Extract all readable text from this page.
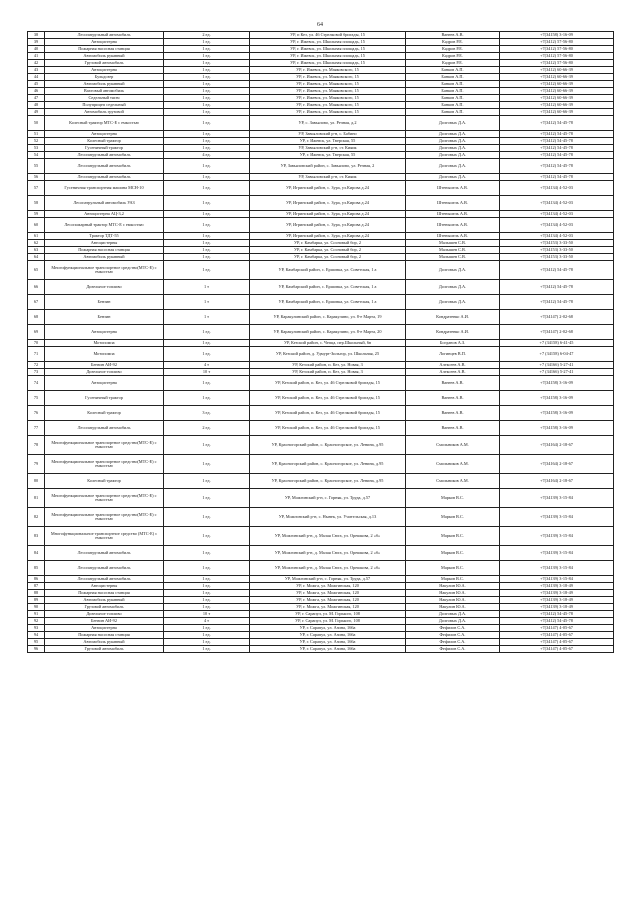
64
38	Лесопатрульный автомобиль	2 ед.	УР, п Кез, ул. 46 Стрелковой бригады, 15	Ванеев А.В.	+7(34158) 3-16-09
39	Автоцистерна	1 ед.	УР, г. Ижевск, ул. Школьная площадь, 15	Кадров Р.Е.	+7(3412) 57-56-80
40	Пожарная насосная станция	1 ед.	УР, г. Ижевск, ул. Школьная площадь, 15	Кадров Р.Е.	+7(3412) 57-56-80
41	Автомобиль рукавный	1 ед.	УР, г. Ижевск, ул. Школьная площадь, 15	Кадров Р.Е.	+7(3412) 57-56-80
42	Грузовой автомобиль	1 ед.	УР, г. Ижевск, ул. Школьная площадь, 15	Кадров Р.Е.	+7(3412) 57-56-80
43	Автоцистерна	1 ед.	УР, г. Ижевск, ул. Маяковского, 15	Банков А.П.	+7(3412) 60-66-39
44	Бульдозер	1 ед.	УР, г. Ижевск, ул. Маяковского, 15	Банков А.П.	+7(3412) 60-66-39
45	Автомобиль рукавный	1 ед.	УР, г. Ижевск, ул. Маяковского, 15	Банков А.П.	+7(3412) 60-66-39
46	Вахтовый автомобиль	1 ед.	УР, г. Ижевск, ул. Маяковского, 15	Банков А.П.	+7(3412) 60-66-39
47	Седельный тягач	1 ед.	УР, г. Ижевск, ул. Маяковского, 15	Банков А.П.	+7(3412) 60-66-39
48	Полуприцеп седельный	1 ед.	УР, г. Ижевск, ул. Маяковского, 15	Банков А.П.	+7(3412) 60-66-39
49	Автомобиль грузовой	1 ед.	УР, г. Ижевск, ул. Маяковского, 15	Банков А.П.	+7(3412) 60-66-39
50	Колесный трактор МТС-Е с емкостью	1 ед.	УР, с. Завьялово, ул. Речная, д.2	Долговых Д.А.	+7(3412) 54-45-78
51	Автоцистерна	1 ед.	УР, Завьяловский р-н, с. Бабино	Долговых Д.А.	+7(3412) 54-45-78
52	Колесный трактор	1 ед.	УР, г. Ижевск, ул. Тверская, 55	Долговых Д.А.	+7(3412) 54-45-78
53	Гусеничный трактор	1 ед.	УР, Завьяловский р-н, ст. Кияик	Долговых Д.А.	+7(3412) 54-45-78
54	Лесопатрульный автомобиль	4 ед.	УР, г. Ижевск, ул. Тверская, 55	Долговых Д.А.	+7(3412) 54-45-78
55	Лесопатрульный автомобиль	1 ед.	УР, Завьяловский район, с. Завьялово, ул. Речная, 2	Долговых Д.А.	+7(3412) 54-45-78
56	Лесопатрульный автомобиль	1 ед.	УР, Завьяловский р-н, ст. Кияик	Долговых Д.А.	+7(3412) 54-45-78
57	Гусеничная транспортная машина МСН-10	1 ед.	УР, Игринский район, с. Зура, ул.Кирова д.24	Штеньшель А.В.	+7(34134) 4-52-03
58	Лесопатрульный автомобиль УАЗ	1 ед.	УР, Игринский район, с. Зура, ул.Кирова д.24	Штеньшель А.В.	+7(34134) 4-52-03
59	Автоцистерна АЦ-3,2	1 ед.	УР, Игринский район, с. Зура, ул.Кирова д.24	Штеньшель А.В.	+7(34134) 4-52-03
60	Лесопожарный трактор МТС-Е с емкостью	1 ед.	УР, Игринский район, с. Зура, ул.Кирова д.24	Штеньшель А.В.	+7(34134) 4-52-03
61	Трактор ТДТ-55	1 ед.	УР, Игринский район, с. Зура, ул.Кирова д.24	Штеньшель А.В.	+7(34134) 4-52-03
62	Автоцистерны	1 ед.	УР, г. Камбарка, ул. Сосновый бор, 2	Малышев С.В.	+7(34153) 3-33-50
63	Пожарная насосная станция	1 ед.	УР, г. Камбарка, ул. Сосновый бор, 2	Малышев С.В.	+7(34153) 3-33-50
64	Автомобиль рукавный	1 ед.	УР, г. Камбарка, ул. Сосновый бор, 2	Малышев С.В.	+7(34153) 3-33-50
65	Многофункциональное транспортное средство(МТС-Е) с емкостью	1 ед.	УР, Камбарский район, с. Ершовка, ул. Советская, 1 а	Долговых Д.А.	+7(3412) 54-45-78
66	Дизельное топливо	1 т	УР, Камбарский район, с. Ершовка, ул. Советская, 1 а	Долговых Д.А.	+7(3412) 54-45-78
67	Бензин	1 т	УР, Камбарский район, с. Ершовка, ул. Советская, 1 а	Долговых Д.А.	+7(3412) 54-45-78
68	Бензин	1 т	УР, Каракулинский район, с. Каракулино, ул. 8-е Марта, 19	Кондратенко А.И.	+7(34147) 2-02-68
69	Автоцистерна	1 ед.	УР, Каракулинский район, с. Каракулино, ул. 8-е Марта, 20	Кондратенко А.И.	+7(34147) 2-02-68
70	Мотопомпа	1 ед.	УР, Кезский район, с. Чепца, пер.Школьный, 6в	Богданов А.З.	+7 (34158) 6-41-45
71	Мотопомпа	1 ед.	УР, Кезский район, д. Удмурт-Зильгор, ул. Школьная, 25	Логинцев В.П.	+7 (34158) 6-04-47
72	Бензин АИ-92	4 т	УР, Кезский район, п. Кез, ул. Новая, 3	Алексеев А.В.	+7 (34166) 5-27-41
73	Дизельное топливо	10 т	УР, Кезский район, п. Кез, ул. Новая, 3	Алексеев А.В.	+7 (34166) 5-27-41
74	Автоцистерна	1 ед.	УР, Кезский район, п. Кез, ул. 46 Стрелковой бригады, 15	Ванеев А.В.	+7(34158) 3-16-09
75	Гусеничный трактор	1 ед.	УР, Кезский район, п. Кез, ул. 46 Стрелковой бригады, 15	Ванеев А.В.	+7(34158) 3-16-09
76	Колесный трактор	3 ед.	УР, Кезский район, п. Кез, ул. 46 Стрелковой бригады, 15	Ванеев А.В.	+7(34158) 3-16-09
77	Лесопатрульный автомобиль	2 ед.	УР, Кезский район, п. Кез, ул. 46 Стрелковой бригады, 15	Ванеев А.В.	+7(34158) 3-16-09
78	Многофункциональное транспортное средство(МТС-Е) с емкостью	1 ед.	УР, Красногорский район, с. Красногорское, ул. Ленина, д.95	Смольников А.М.	+7(34164) 2-18-67
79	Многофункциональное транспортное средство(МТС-Е) с емкостью	1 ед.	УР, Красногорский район, с. Красногорское, ул. Ленина, д.95	Смольников А.М.	+7(34164) 2-18-67
80	Колесный трактор	1 ед.	УР, Красногорский район, с. Красногорское, ул. Ленина, д.95	Смольников А.М.	+7(34164) 2-18-67
81	Многофункциональное транспортное средство(МТС-Е) с емкостью	1 ед.	УР, Можгинский р-н, с. Горняк, ул. Труда, д.57	Марков В.С.	+7(34139) 3-15-84
82	Многофункциональное транспортное средство(МТС-Е) с емкостью	1 ед.	УР, Можгинский р-н, с. Нынек, ул. Учительская, д.13	Марков В.С.	+7(34139) 3-15-84
83	Многофункциональное транспортное средство (МТС-Е) с емкостью	1 ед.	УР, Можгинский р-н, д. Малая Сюга, ул. Орешкова, 2 «б»	Марков В.С.	+7(34139) 3-15-84
84	Лесопатрульный автомобиль	1 ед.	УР, Можгинский р-н, д. Малая Сюга, ул. Орешкова, 2 «б»	Марков В.С.	+7(34139) 3-15-84
85	Лесопатрульный автомобиль	1 ед.	УР, Можгинский р-н, д. Малая Сюга, ул. Орешкова, 2 «б»	Марков В.С.	+7(34139) 3-15-84
86	Лесопатрульный автомобиль	1 ед.	УР, Можгинский р-н, с. Горняк, ул. Труда, д.57	Марков В.С.	+7(34139) 3-15-84
87	Автоцистерны	1 ед.	УР, г. Можга, ул. Можгинская, 120	Накулин Ю.А.	+7(34139) 3-18-49
88	Пожарная насосная станция	1 ед.	УР, г. Можга, ул. Можгинская, 120	Накулин Ю.А.	+7(34139) 3-18-49
89	Автомобиль рукавный	1 ед.	УР, г. Можга, ул. Можгинская, 120	Накулин Ю.А.	+7(34139) 3-18-49
90	Грузовой автомобиль	1 ед.	УР, г. Можга, ул. Можгинская, 120	Накулин Ю.А.	+7(34139) 3-18-49
91	Дизельное топливо	10 т	УР, г. Сарапул, ул. М. Горького, 108	Долговых Д.А.	+7(3412) 54-45-78
92	Бензин АИ-92	4 т	УР, г. Сарапул, ул. М. Горького, 108	Долговых Д.А.	+7(3412) 54-45-78
93	Автоцистерна	1 ед.	УР, г. Сарапул, ул. Азина, 166а	Фефилов С.А.	+7(34147) 4-05-67
94	Пожарная насосная станция	1 ед.	УР, г. Сарапул, ул. Азина, 166а	Фефилов С.А.	+7(34147) 4-05-67
95	Автомобиль рукавный	1 ед.	УР, г. Сарапул, ул. Азина, 166а	Фефилов С.А.	+7(34147) 4-05-67
96	Грузовой автомобиль	1 ед.	УР, г. Сарапул, ул. Азина, 166а	Фефилов С.А.	+7(34147) 4-05-67
